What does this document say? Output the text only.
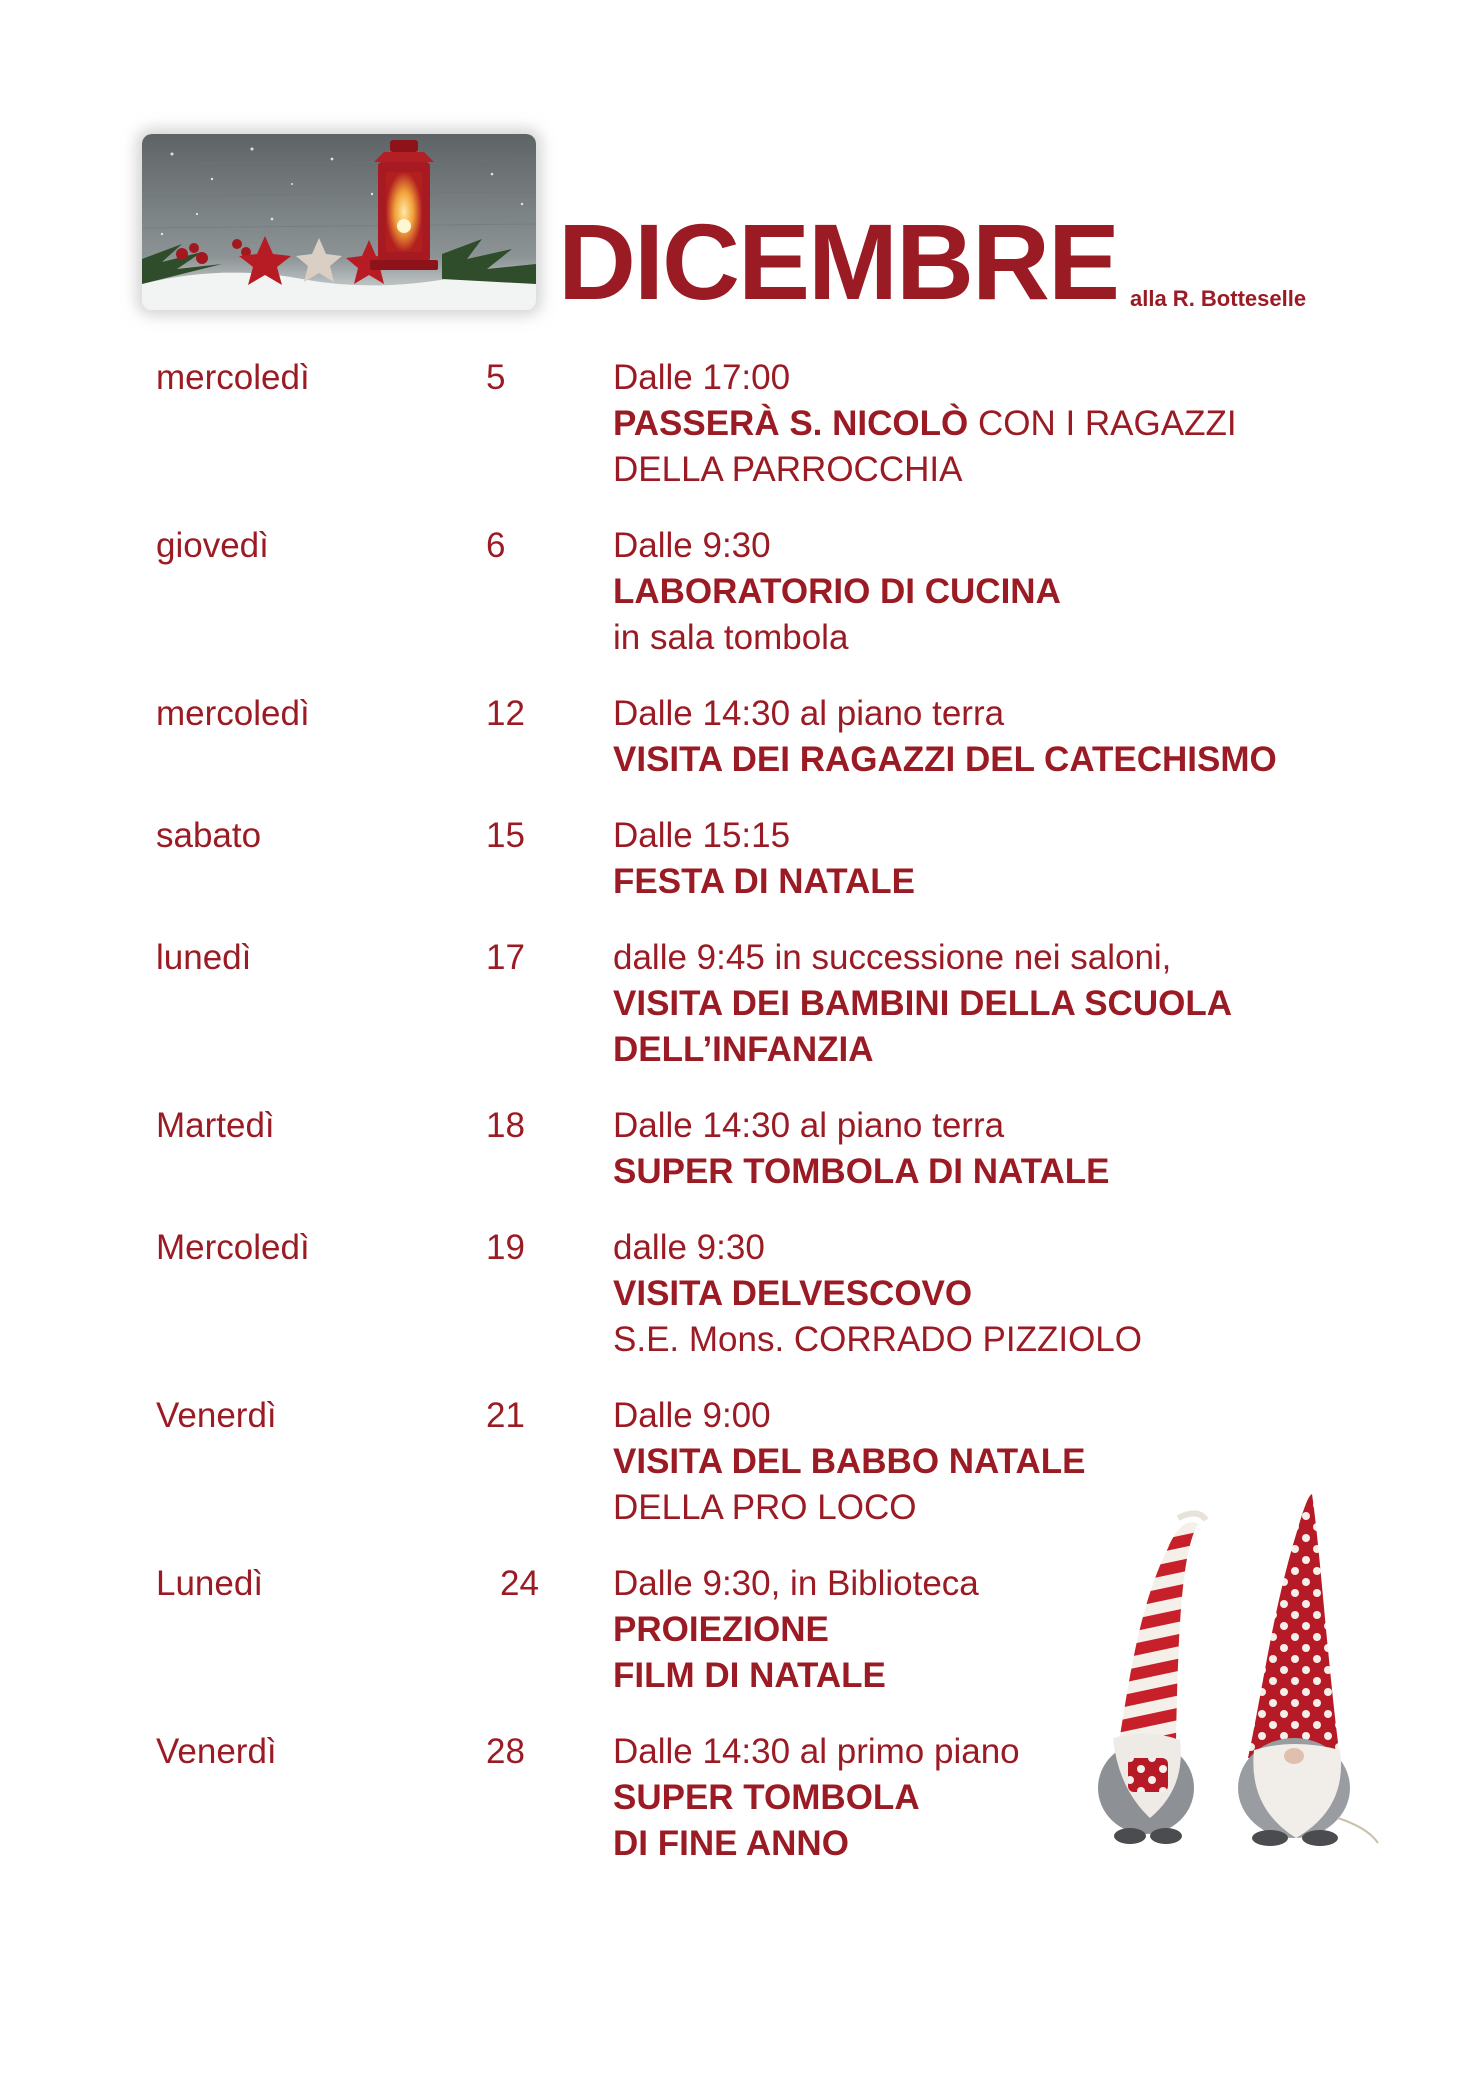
DICEMBRE alla R. Botteselle
mercoledì	5	Dalle 17:00
PASSERÀ S. NICOLÒ CON I RAGAZZI
DELLA PARROCCHIA
giovedì	6	Dalle 9:30
LABORATORIO DI CUCINA
in sala tombola
mercoledì	12	Dalle 14:30 al piano terra
VISITA DEI RAGAZZI DEL CATECHISMO
sabato	15	Dalle 15:15
FESTA DI NATALE
lunedì	17	dalle 9:45 in successione nei saloni,
VISITA DEI BAMBINI DELLA SCUOLA
DELL’INFANZIA
Martedì	18	Dalle 14:30 al piano terra
SUPER TOMBOLA DI NATALE
Mercoledì	19	dalle 9:30
VISITA DELVESCOVO
S.E. Mons. CORRADO PIZZIOLO
Venerdì	21	Dalle 9:00
VISITA DEL BABBO NATALE
DELLA PRO LOCO
Lunedì	24 Dalle 9:30, in Biblioteca
PROIEZIONE
FILM DI NATALE
Venerdì	28	Dalle 14:30 al primo piano
SUPER TOMBOLA
DI FINE ANNO
